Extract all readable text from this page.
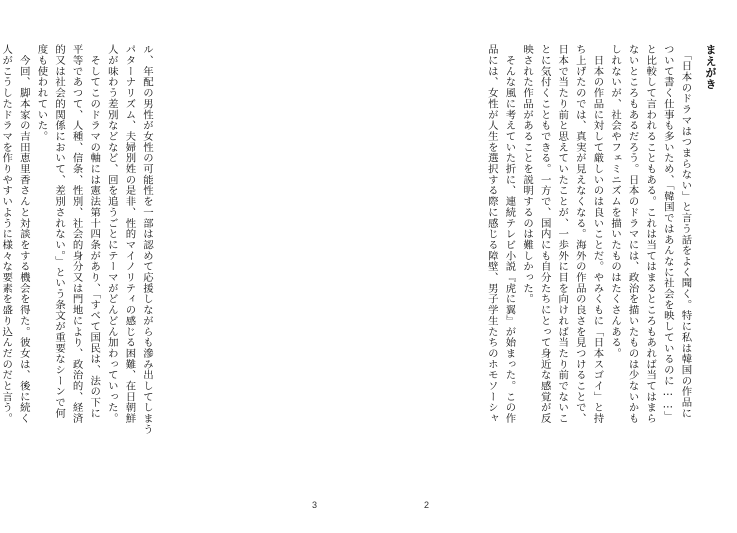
ル、年配の男性が女性の可能性を一部は認めて応援しながらも滲み出してしまう
パターナリズム、夫婦別姓の是非、性的マイノリティの感じる困難、在日朝鮮
人が味わう差別などなど、回を追うごとにテーマがどんどん加わっていった。
　そしてこのドラマの軸には憲法第十四条があり、「すべて国民は、法の下に
平等であつて、人種、信条、性別、社会的身分又は門地により、政治的、経済
的又は社会的関係において、差別されない。」という条文が重要なシーンで何
度も使われていた。
　今回、脚本家の吉田恵里香さんと対談をする機会を得た。彼女は、後に続く
人がこうしたドラマを作りやすいように様々な要素を盛り込んだのだと言う。
3
まえがき
　「日本のドラマはつまらない」と言う話をよく聞く。特に私は韓国の作品に
ついて書く仕事も多いため、「韓国ではあんなに社会を映しているのに……」
と比較して言われることもある。これは当てはまるところもあれば当てはまら
ないところもあるだろう。日本のドラマには、政治を描いたものは少ないかも
しれないが、社会やフェミニズムを描いたものはたくさんある。
　日本の作品に対して厳しいのは良いことだ。やみくもに「日本スゴイ」と持
ち上げたのでは、真実が見えなくなる。海外の作品の良さを見つけることで、
日本で当たり前と思えていたことが、一歩外に目を向ければ当たり前でないこ
とに気付くこともできる。一方で、国内にも自分たちにとって身近な感覚が反
映された作品があることを説明するのは難しかった。
　そんな風に考えていた折に、連続テレビ小説『虎に翼』が始まった。この作
品には、女性が人生を選択する際に感じる障壁、男子学生たちのホモソーシャ
2
